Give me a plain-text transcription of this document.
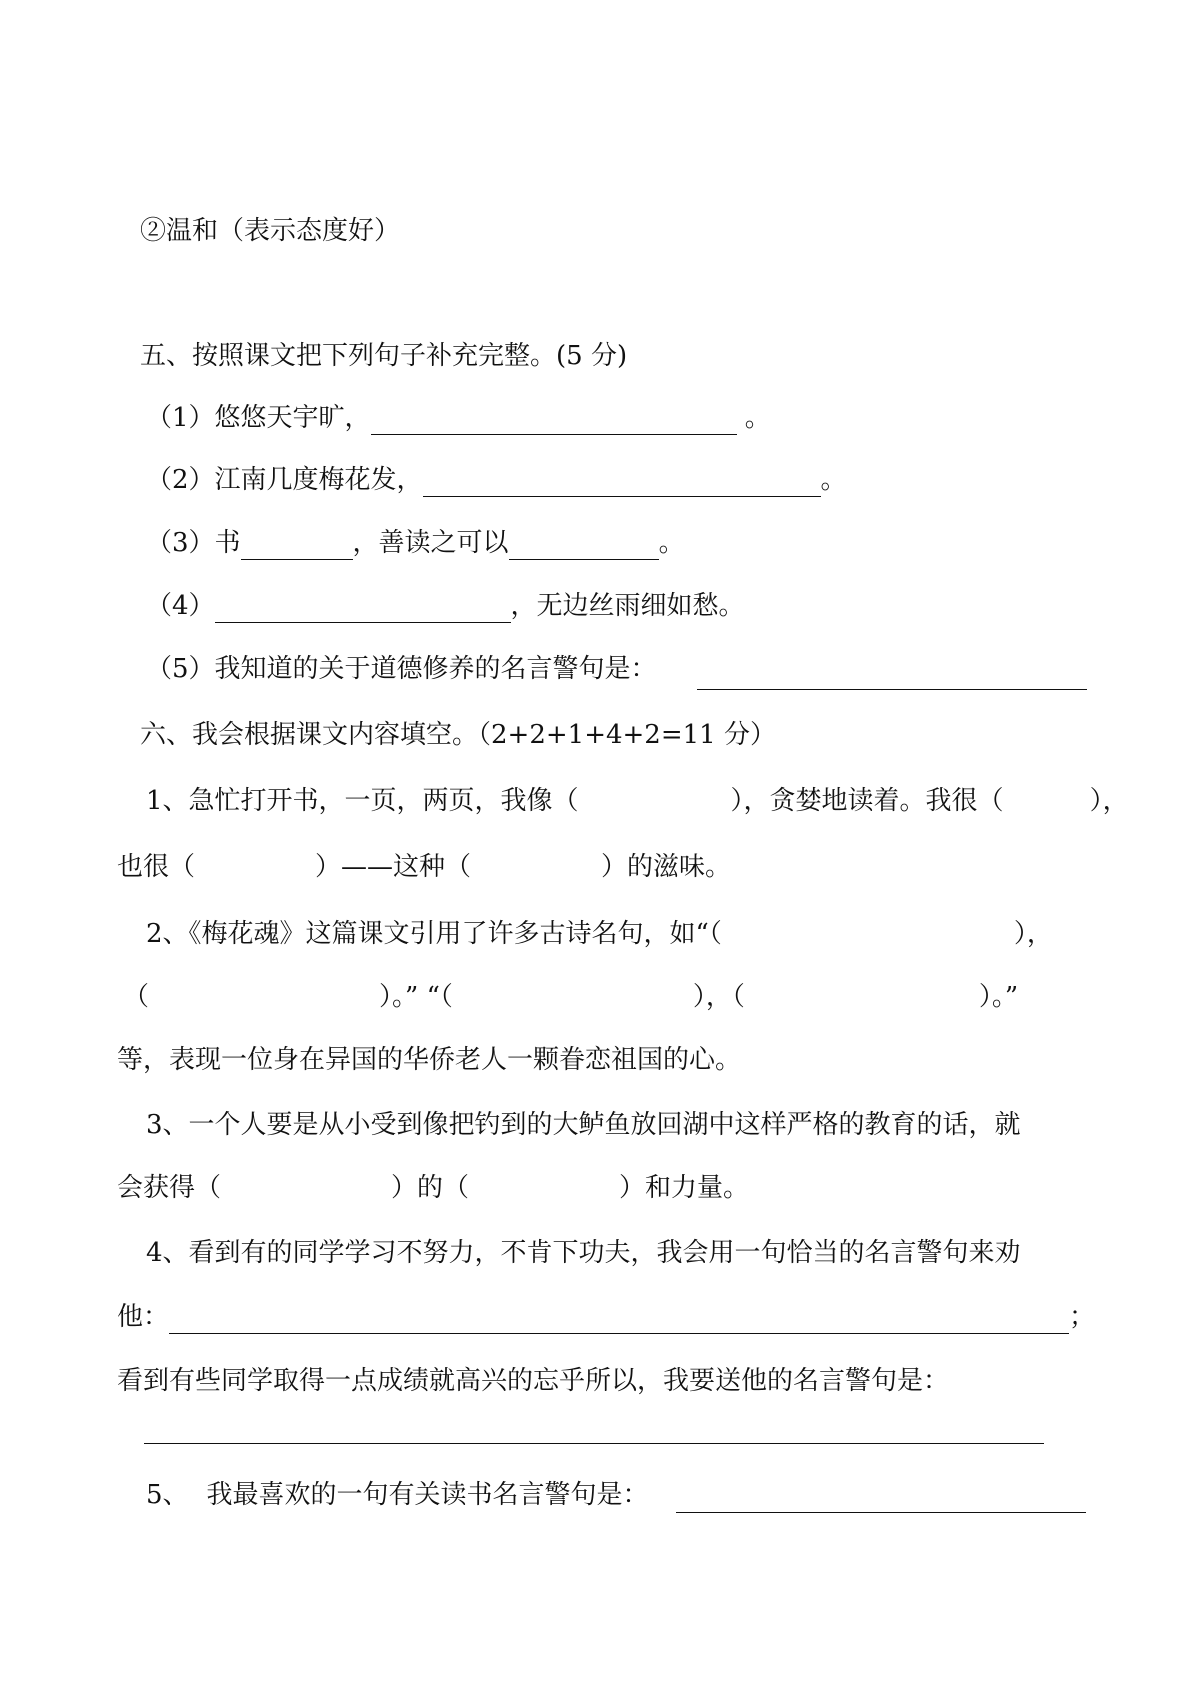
②温和（表示态度好）
五、按照课文把下列句子补充完整。(5 分)
（1）悠悠天宇旷，	。
（2）江南几度梅花发，	。
（3）书	，善读之可以	。
（4）	，无边丝雨细如愁。
（5）我知道的关于道德修养的名言警句是：
六、我会根据课文内容填空。（2+2+1+4+2=11 分）
1、急忙打开书，一页，两页，我像（	），贪婪地读着。我很（	），
也很（	）——这种（	）的滋味。
2、《梅花魂》这篇课文引用了许多古诗名句，如“（	），
（	）。” “（	），（	）。”
等，表现一位身在异国的华侨老人一颗眷恋祖国的心。
3、一个人要是从小受到像把钓到的大鲈鱼放回湖中这样严格的教育的话，就
会获得（	）的（	）和力量。
4、看到有的同学学习不努力，不肯下功夫，我会用一句恰当的名言警句来劝
他：	；
看到有些同学取得一点成绩就高兴的忘乎所以，我要送他的名言警句是：
5、 我最喜欢的一句有关读书名言警句是：
